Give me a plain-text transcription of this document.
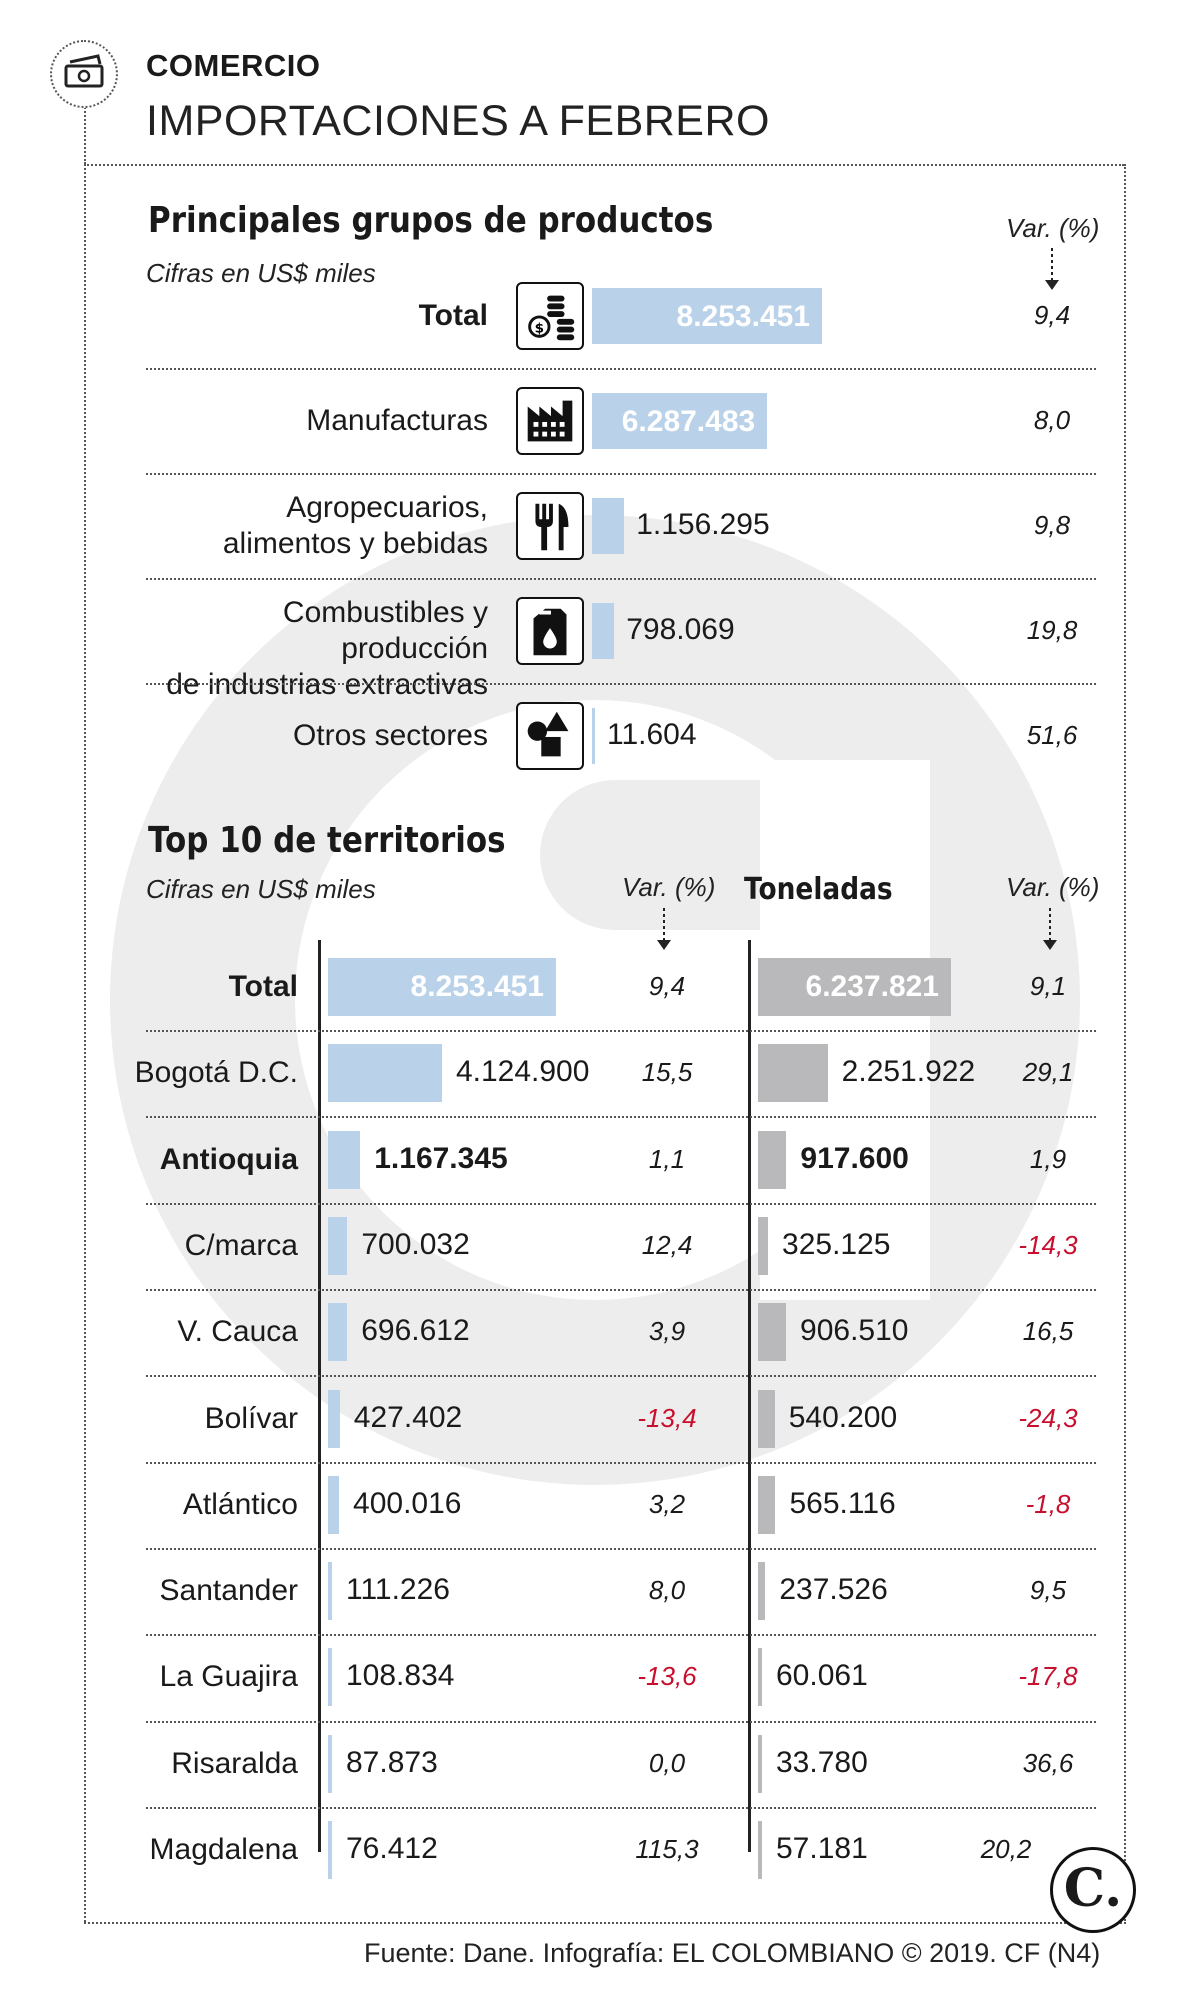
COMERCIO
IMPORTACIONES A FEBRERO
Principales grupos de productos
Cifras en US$ miles
Var. (%)
Total	$	8.253.451	9,4
Manufacturas	6.287.483	8,0
Agropecuarios,
alimentos y bebidas
1.156.295	9,8
Combustibles y producción
de industrias extractivas
798.069	19,8
Otros sectores	11.604	51,6
Top 10 de territorios
Cifras en US$ miles	Var. (%) Toneladas	Var. (%)
Total	8.253.451	9,4	6.237.821	9,1
Bogotá D.C.	4.124.900	15,5	2.251.922	29,1
Antioquia	1.167.345	1,1	917.600	1,9
C/marca 700.032	12,4	325.125	-14,3
V. Cauca 696.612	3,9	906.510	16,5
Bolívar 427.402	-13,4	540.200	-24,3
Atlántico 400.016	3,2	565.116	-1,8
Santander 111.226	8,0	237.526	9,5
La Guajira 108.834	-13,6	60.061	-17,8
Risaralda 87.873	0,0	33.780	36,6
Magdalena 76.412	115,3	57.181	20,2
Fuente: Dane. Infografía: EL COLOMBIANO © 2019. CF (N4)
C.
